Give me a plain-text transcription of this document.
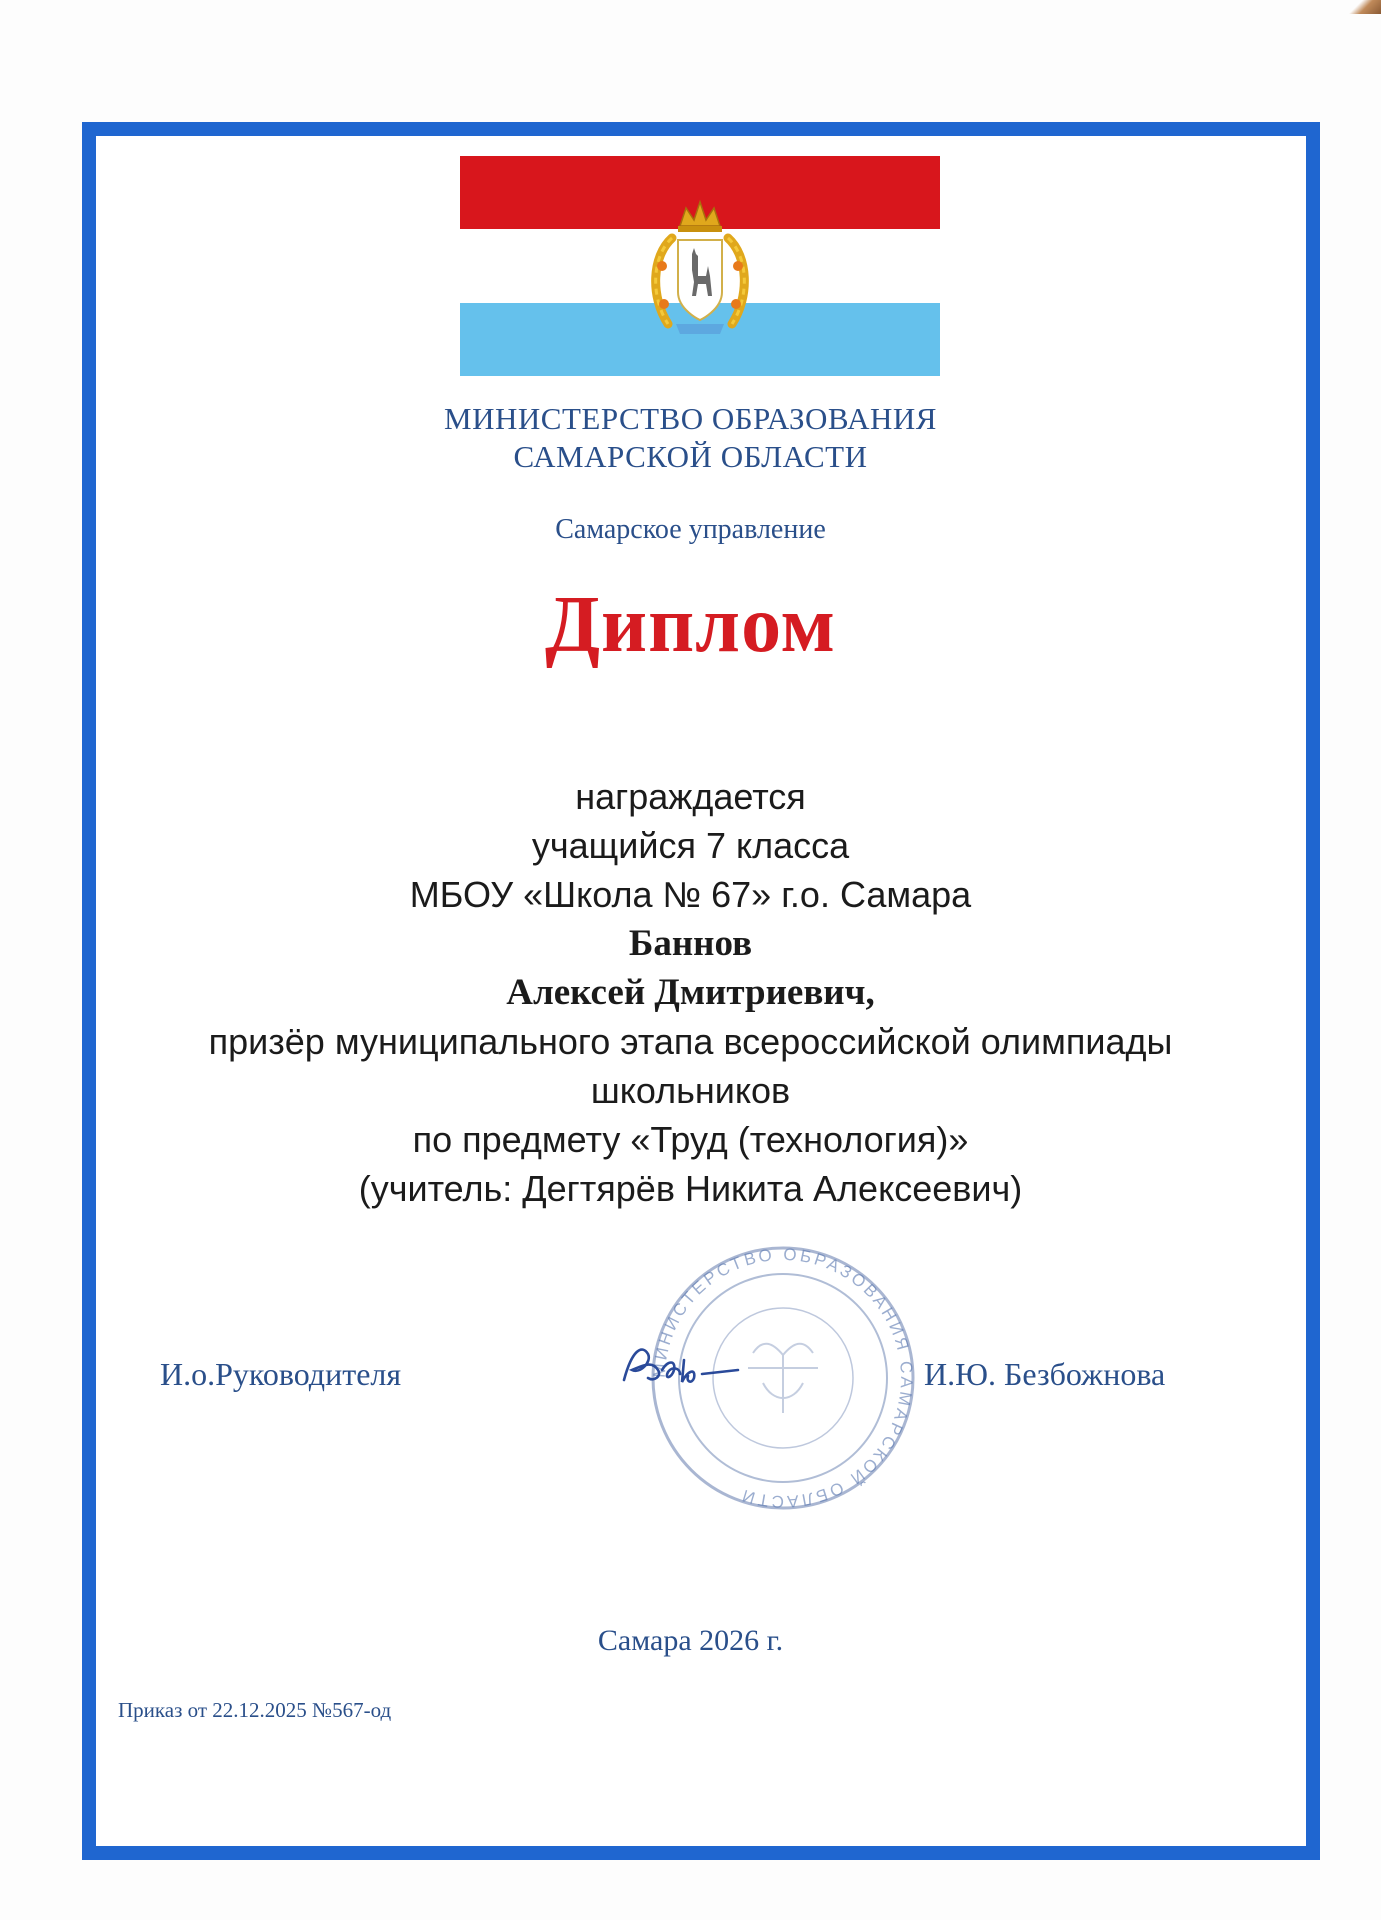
МИНИСТЕРСТВО ОБРАЗОВАНИЯ
САМАРСКОЙ ОБЛАСТИ
Самарское управление
Диплом
награждается
учащийся 7 класса
МБОУ «Школа № 67» г.о. Самара
Баннов
Алексей Дмитриевич,
призёр муниципального этапа всероссийской олимпиады
школьников
по предмету «Труд (технология)»
(учитель: Дегтярёв Никита Алексеевич)
МИНИСТЕРСТВО ОБРАЗОВАНИЯ САМАРСКОЙ ОБЛАСТИ
И.о.Руководителя	И.Ю. Безбожнова
Самара 2026 г.
Приказ от 22.12.2025 №567-од
